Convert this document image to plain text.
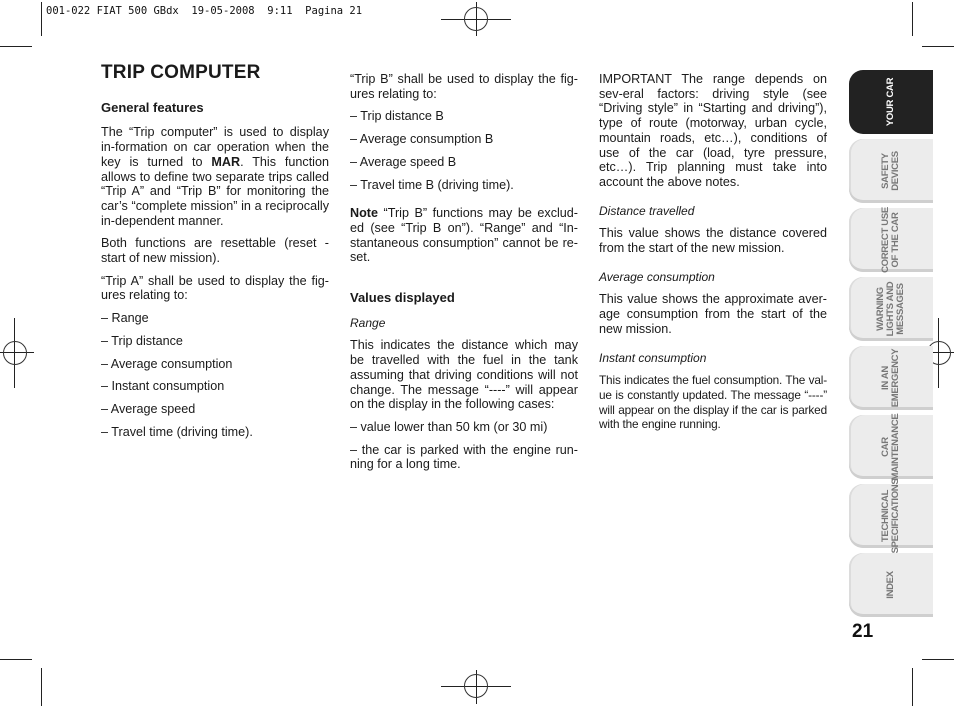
001-022 FIAT 500 GBdx  19-05-2008  9:11  Pagina 21

TRIP COMPUTER

General features

The “Trip computer” is used to display in-formation on car operation when the key is turned to MAR. This function allows to define two separate trips called “Trip A” and “Trip B” for monitoring the car’s “complete mission” in a reciprocally in-dependent manner.

Both functions are resettable (reset - start of new mission).

“Trip A” shall be used to display the fig-ures relating to:

– Range

– Trip distance

– Average consumption

– Instant consumption

– Average speed

– Travel time (driving time).

“Trip B” shall be used to display the fig-ures relating to:

– Trip distance B

– Average consumption B

– Average speed B

– Travel time B (driving time).

Note “Trip B” functions may be exclud-ed (see “Trip B on”). “Range” and “In-stantaneous consumption” cannot be re-set.

Values displayed

Range

This indicates the distance which may be travelled with the fuel in the tank assuming that driving conditions will not change. The message “----” will appear on the display in the following cases:

– value lower than 50 km (or 30 mi)

– the car is parked with the engine run-ning for a long time.

IMPORTANT The range depends on sev-eral factors: driving style (see “Driving style” in “Starting and driving”), type of route (motorway, urban cycle, mountain roads, etc…), conditions of use of the car (load, tyre pressure, etc…). Trip planning must take into account the above notes.

Distance travelled

This value shows the distance covered from the start of the new mission.

Average consumption

This value shows the approximate aver-age consumption from the start of the new mission.

Instant consumption

This indicates the fuel consumption. The val-ue is constantly updated. The message “----” will appear on the display if the car is parked with the engine running.

YOUR CAR
SAFETY
DEVICES
CORRECT USE
OF THE CAR
WARNING
LIGHTS AND
MESSAGES
IN AN
EMERGENCY
CAR
MAINTENANCE
TECHNICAL
SPECIFICATIONS
INDEX
21
